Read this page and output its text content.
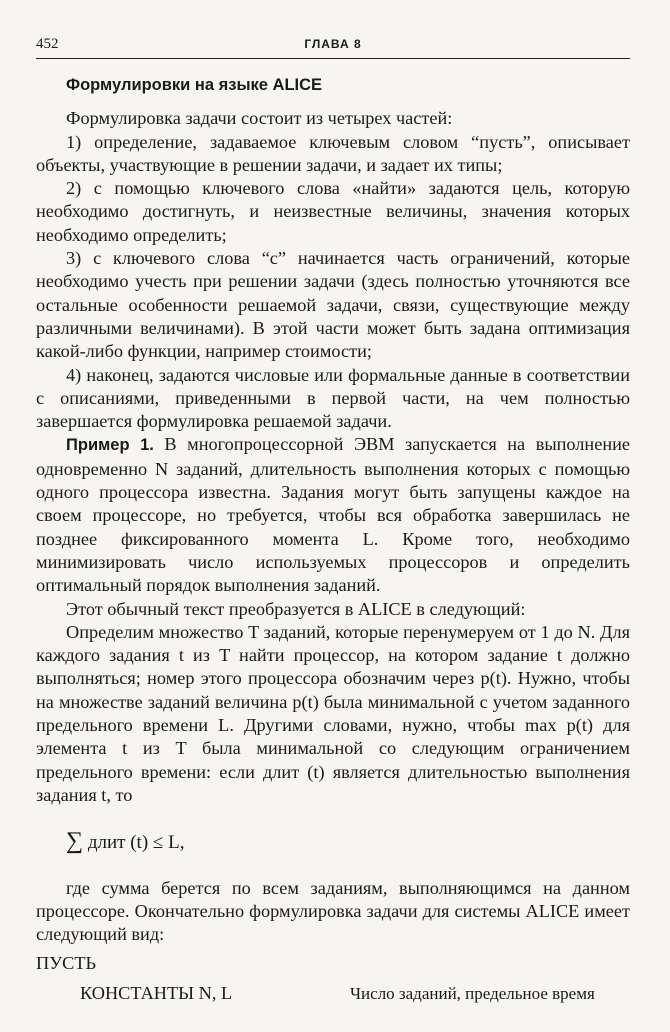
452	ГЛАВА 8
Формулировки на языке ALICE

Формулировка задачи состоит из четырех частей:

1) определение, задаваемое ключевым словом “пусть”, описывает объекты, участвующие в решении задачи, и задает их типы;

2) с помощью ключевого слова «найти» задаются цель, которую необходимо достигнуть, и неизвестные величины, значения которых необходимо определить;

3) с ключевого слова “с” начинается часть ограничений, которые необходимо учесть при решении задачи (здесь полностью уточняются все остальные особенности решаемой задачи, связи, существующие между различными величинами). В этой части может быть задана оптимизация какой-либо функции, например стоимости;

4) наконец, задаются числовые или формальные данные в соответствии с описаниями, приведенными в первой части, на чем полностью завершается формулировка решаемой задачи.

Пример 1. В многопроцессорной ЭВМ запускается на выполнение одновременно N заданий, длительность выполнения которых с помощью одного процессора известна. Задания могут быть запущены каждое на своем процессоре, но требуется, чтобы вся обработка завершилась не позднее фиксированного момента L. Кроме того, необходимо минимизировать число используемых процессоров и определить оптимальный порядок выполнения заданий.

Этот обычный текст преобразуется в ALICE в следующий:

Определим множество T заданий, которые перенумеруем от 1 до N. Для каждого задания t из T найти процессор, на котором задание t должно выполняться; номер этого процессора обозначим через p(t). Нужно, чтобы на множестве заданий величина p(t) была минимальной с учетом заданного предельного времени L. Другими словами, нужно, чтобы max p(t) для элемента t из T была минимальной со следующим ограничением предельного времени: если длит (t) является длительностью выполнения задания t, то

∑ длит (t) ≤ L,

где сумма берется по всем заданиям, выполняющимся на данном процессоре. Окончательно формулировка задачи для системы ALICE имеет следующий вид:

ПУСТЬ
КОНСТАНТЫ N, L	Число заданий, предельное время
